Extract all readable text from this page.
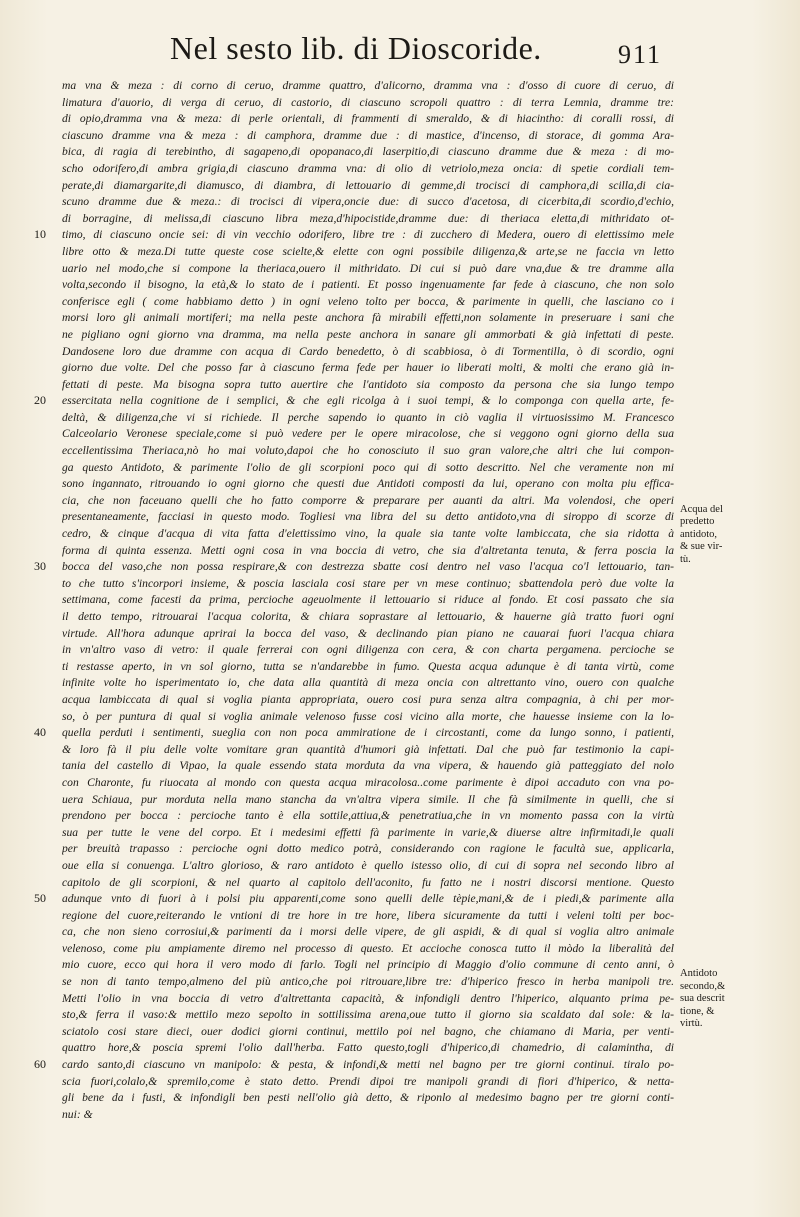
Nel sesto lib. di Dioscoride.	911
ma vna & meza : di corno di ceruo, dramme quattro, d'alicorno, dramma vna : d'osso di cuore di ceruo, di
limatura d'auorio, di verga di ceruo, di castorio, di ciascuno scropoli quattro : di terra Lemnia, dramme tre:
di opio,dramma vna & meza: di perle orientali, di frammenti di smeraldo, & di hiacintho: di coralli rossi, di
ciascuno dramme vna & meza : di camphora, dramme due : di mastice, d'incenso, di storace, di gomma Ara-
bica, di ragia di terebintho, di sagapeno,di opopanaco,di laserpitio,di ciascuno dramme due & meza : di mo-
scho odorifero,di ambra grigia,di ciascuno dramma vna: di olio di vetriolo,meza oncia: di spetie cordiali tem-
perate,di diamargarite,di diamusco, di diambra, di lettouario di gemme,di trocisci di camphora,di scilla,di cia-
scuno dramme due & meza.: di trocisci di vipera,oncie due: di succo d'acetosa, di cicerbita,di scordio,d'echio,
di borragine, di melissa,di ciascuno libra meza,d'hipocistide,dramme due: di theriaca eletta,di mithridato ot-
timo, di ciascuno oncie sei: di vin vecchio odorifero, libre tre : di zucchero di Medera, ouero di elettissimo mele
libre otto & meza.Di tutte queste cose scielte,& elette con ogni possibile diligenza,& arte,se ne faccia vn letto
uario nel modo,che si compone la theriaca,ouero il mithridato. Di cui si può dare vna,due & tre dramme alla
volta,secondo il bisogno, la età,& lo stato de i patienti. Et posso ingenuamente far fede à ciascuno, che non solo
conferisce egli ( come habbiamo detto ) in ogni veleno tolto per bocca, & parimente in quelli, che lasciano co i
morsi loro gli animali mortiferi; ma nella peste anchora fà mirabili effetti,non solamente in preseruare i sani che
ne pigliano ogni giorno vna dramma, ma nella peste anchora in sanare gli ammorbati & già infettati di peste.
Dandosene loro due dramme con acqua di Cardo benedetto, ò di scabbiosa, ò di Tormentilla, ò di scordio, ogni
giorno due volte. Del che posso far à ciascuno ferma fede per hauer io liberati molti, & molti che erano già in-
fettati di peste. Ma bisogna sopra tutto auertire che l'antidoto sia composto da persona che sia lungo tempo
essercitata nella cognitione de i semplici, & che egli ricolga à i suoi tempi, & lo componga con quella arte, fe-
deltà, & diligenza,che vi si richiede. Il perche sapendo io quanto in ciò vaglia il virtuosissimo M. Francesco
Calceolario Veronese speciale,come si può vedere per le opere miracolose, che si veggono ogni giorno della sua
eccellentissima Theriaca,nò ho mai voluto,dapoi che ho conosciuto il suo gran valore,che altri che lui compon-
ga questo Antidoto, & parimente l'olio de gli scorpioni poco qui di sotto descritto. Nel che veramente non mi
sono ingannato, ritrouando io ogni giorno che questi due Antidoti composti da lui, operano con molta piu effica-
cia, che non faceuano quelli che ho fatto comporre & preparare per auanti da altri. Ma volendosi, che operi
presentaneamente, facciasi in questo modo. Togliesi vna libra del su detto antidoto,vna di siroppo di scorze di
cedro, & cinque d'acqua di vita fatta d'elettissimo vino, la quale sia tante volte lambiccata, che sia ridotta à
forma di quinta essenza. Metti ogni cosa in vna boccia di vetro, che sia d'altretanta tenuta, & ferra poscia la
bocca del vaso,che non possa respirare,& con destrezza sbatte cosi dentro nel vaso l'acqua co'l lettouario, tan-
to che tutto s'incorpori insieme, & poscia lasciala cosi stare per vn mese continuo; sbattendola però due volte la
settimana, come facesti da prima, percioche ageuolmente il lettouario si riduce al fondo. Et cosi passato che sia
il detto tempo, ritrouarai l'acqua colorita, & chiara soprastare al lettouario, & hauerne già tratto fuori ogni
virtude. All'hora adunque aprirai la bocca del vaso, & declinando pian piano ne cauarai fuori l'acqua chiara
in vn'altro vaso di vetro: il quale ferrerai con ogni diligenza con cera, & con charta pergamena. percioche se
ti restasse aperto, in vn sol giorno, tutta se n'andarebbe in fumo. Questa acqua adunque è di tanta virtù, come
infinite volte ho isperimentato io, che data alla quantità di meza oncia con altrettanto vino, ouero con qualche
acqua lambiccata di qual si voglia pianta appropriata, ouero cosi pura senza altra compagnia, à chi per mor-
so, ò per puntura di qual si voglia animale velenoso fusse cosi vicino alla morte, che hauesse insieme con la lo-
quella perduti i sentimenti, sueglia con non poca ammiratione de i circostanti, come da lungo sonno, i patienti,
& loro fà il piu delle volte vomitare gran quantità d'humori già infettati. Dal che può far testimonio la capi-
tania del castello di Vipao, la quale essendo stata morduta da vna vipera, & hauendo già patteggiato del nolo
con Charonte, fu riuocata al mondo con questa acqua miracolosa..come parimente è dipoi accaduto con vna po-
uera Schiaua, pur morduta nella mano stancha da vn'altra vipera simile. Il che fà similmente in quelli, che si
prendono per bocca : percioche tanto è ella sottile,attiua,& penetratiua,che in vn momento passa con la virtù
sua per tutte le vene del corpo. Et i medesimi effetti fà parimente in varie,& diuerse altre infirmitadi,le quali
per breuità trapasso : percioche ogni dotto medico potrà, considerando con ragione le facultà sue, applicarla,
oue ella si conuenga. L'altro glorioso, & raro antidoto è quello istesso olio, di cui di sopra nel secondo libro al
capitolo de gli scorpioni, & nel quarto al capitolo dell'aconito, fu fatto ne i nostri discorsi mentione. Questo
adunque vnto di fuori à i polsi piu apparenti,come sono quelli delle tèpie,mani,& de i piedi,& parimente alla
regione del cuore,reiterando le vntioni di tre hore in tre hore, libera sicuramente da tutti i veleni tolti per boc-
ca, che non sieno corrosiui,& parimenti da i morsi delle vipere, de gli aspidi, & di qual si voglia altro animale
velenoso, come piu ampiamente diremo nel processo di questo. Et accioche conosca tutto il mòdo la liberalità del
mio cuore, ecco qui hora il vero modo di farlo. Togli nel principio di Maggio d'olio commune di cento anni, ò
se non di tanto tempo,almeno del più antico,che poi ritrouare,libre tre: d'hiperico fresco in herba manipoli tre.
Metti l'olio in vna boccia di vetro d'altrettanta capacità, & infondigli dentro l'hiperico, alquanto prima pe-
sto,& ferra il vaso:& mettilo mezo sepolto in sottilissima arena,oue tutto il giorno sia scaldato dal sole: & la-
sciatolo cosi stare dieci, ouer dodici giorni continui, mettilo poi nel bagno, che chiamano di Maria, per venti-
quattro hore,& poscia spremi l'olio dall'herba. Fatto questo,togli d'hiperico,di chamedrio, di calamintha, di
cardo santo,di ciascuno vn manipolo: & pesta, & infondi,& metti nel bagno per tre giorni continui. tiralo po-
scia fuori,colalo,& spremilo,come è stato detto. Prendi dipoi tre manipoli grandi di fiori d'hiperico, & netta-
gli bene da i fusti, & infondigli ben pesti nell'olio già detto, & riponlo al medesimo bagno per tre giorni conti-
nui: &
10
20
30
40
50
60
Acqua del
predetto
antidoto,
& sue vir-
tù.
Antidoto
secondo,&
sua descrit
tione, &
virtù.
